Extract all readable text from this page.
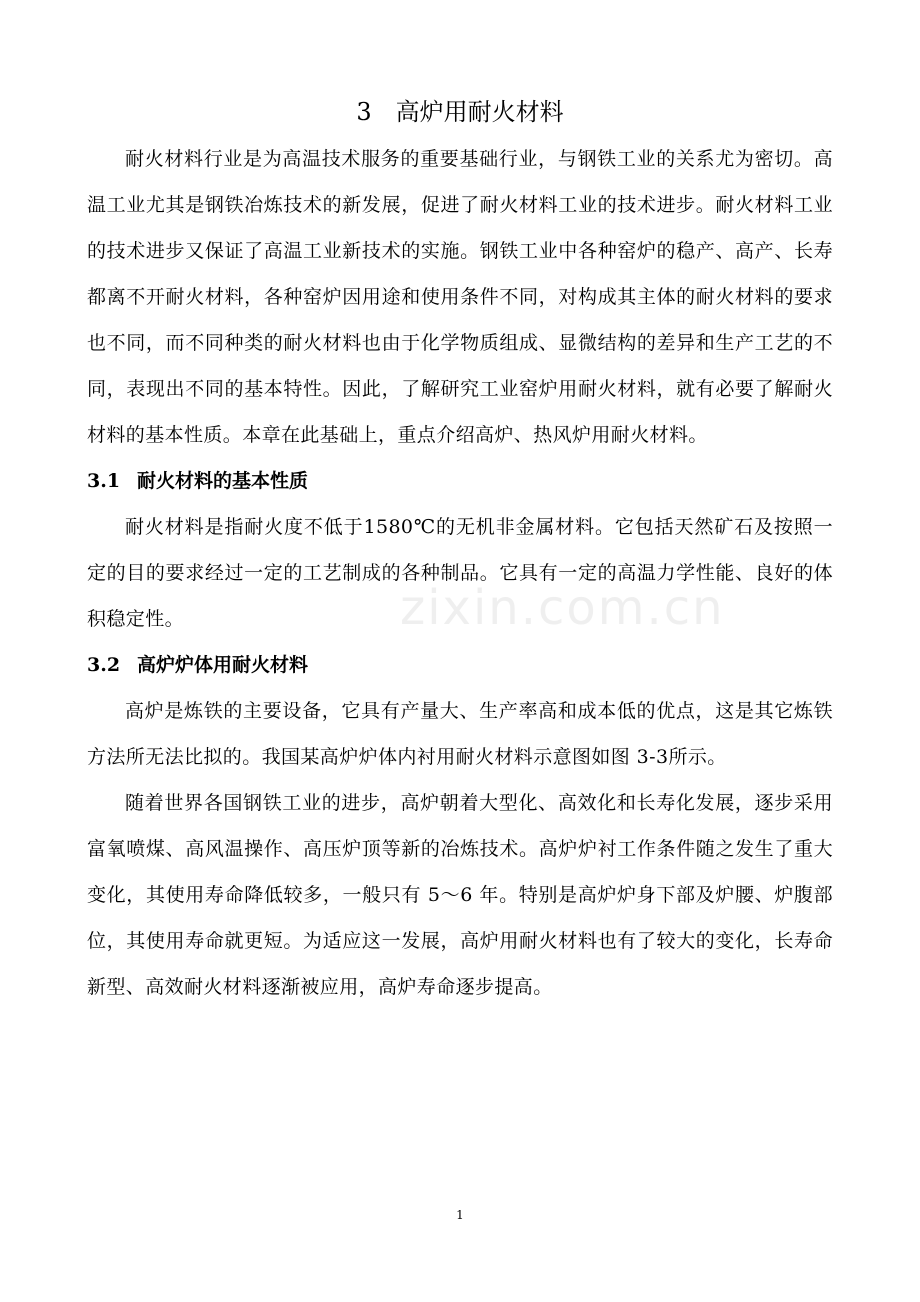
3　高炉用耐火材料

耐火材料行业是为高温技术服务的重要基础行业，与钢铁工业的关系尤为密切。高温工业尤其是钢铁冶炼技术的新发展，促进了耐火材料工业的技术进步。耐火材料工业的技术进步又保证了高温工业新技术的实施。钢铁工业中各种窑炉的稳产、高产、长寿都离不开耐火材料，各种窑炉因用途和使用条件不同，对构成其主体的耐火材料的要求也不同，而不同种类的耐火材料也由于化学物质组成、显微结构的差异和生产工艺的不同，表现出不同的基本特性。因此，了解研究工业窑炉用耐火材料，就有必要了解耐火材料的基本性质。本章在此基础上，重点介绍高炉、热风炉用耐火材料。

3.1 耐火材料的基本性质

耐火材料是指耐火度不低于1580℃的无机非金属材料。它包括天然矿石及按照一定的目的要求经过一定的工艺制成的各种制品。它具有一定的高温力学性能、良好的体积稳定性。

3.2 高炉炉体用耐火材料

高炉是炼铁的主要设备，它具有产量大、生产率高和成本低的优点，这是其它炼铁方法所无法比拟的。我国某高炉炉体内衬用耐火材料示意图如图 3-3所示。

随着世界各国钢铁工业的进步，高炉朝着大型化、高效化和长寿化发展，逐步采用富氧喷煤、高风温操作、高压炉顶等新的冶炼技术。高炉炉衬工作条件随之发生了重大变化，其使用寿命降低较多，一般只有 5～6 年。特别是高炉炉身下部及炉腰、炉腹部位，其使用寿命就更短。为适应这一发展，高炉用耐火材料也有了较大的变化，长寿命新型、高效耐火材料逐渐被应用，高炉寿命逐步提高。

zixin.com.cn
1
